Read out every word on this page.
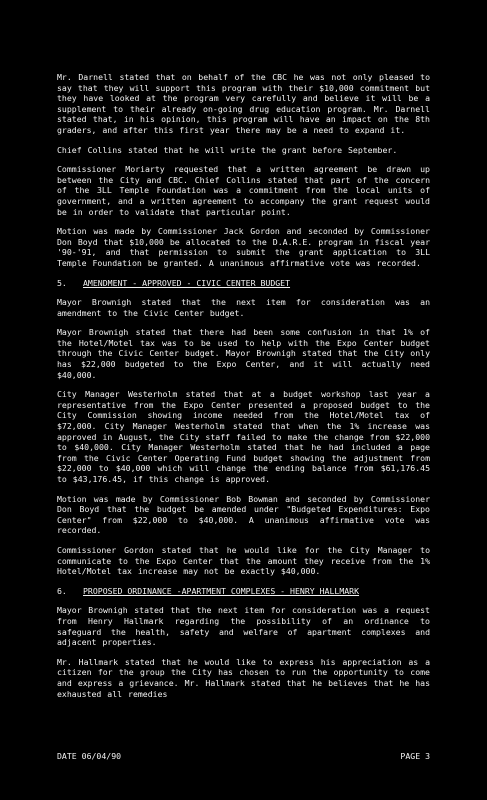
Mr. Darnell stated that on behalf of the CBC he was not only pleased to say that they will support this program with their $10,000 commitment but they have looked at the program very carefully and believe it will be a supplement to their already on-going drug education program. Mr. Darnell stated that, in his opinion, this program will have an impact on the 8th graders, and after this first year there may be a need to expand it.

Chief Collins stated that he will write the grant before September.

Commissioner Moriarty requested that a written agreement be drawn up between the City and CBC. Chief Collins stated that part of the concern of the 3LL Temple Foundation was a commitment from the local units of government, and a written agreement to accompany the grant request would be in order to validate that particular point.

Motion was made by Commissioner Jack Gordon and seconded by Commissioner Don Boyd that $10,000 be allocated to the D.A.R.E. program in fiscal year '90-'91, and that permission to submit the grant application to 3LL Temple Foundation be granted. A unanimous affirmative vote was recorded.

5.	AMENDMENT - APPROVED - CIVIC CENTER BUDGET

Mayor Brownigh stated that the next item for consideration was an amendment to the Civic Center budget.

Mayor Brownigh stated that there had been some confusion in that 1% of the Hotel/Motel tax was to be used to help with the Expo Center budget through the Civic Center budget. Mayor Brownigh stated that the City only has $22,000 budgeted to the Expo Center, and it will actually need $40,000.

City Manager Westerholm stated that at a budget workshop last year a representative from the Expo Center presented a proposed budget to the City Commission showing income needed from the Hotel/Motel tax of $72,000. City Manager Westerholm stated that when the 1% increase was approved in August, the City staff failed to make the change from $22,000 to $40,000. City Manager Westerholm stated that he had included a page from the Civic Center Operating Fund budget showing the adjustment from $22,000 to $40,000 which will change the ending balance from $61,176.45 to $43,176.45, if this change is approved.

Motion was made by Commissioner Bob Bowman and seconded by Commissioner Don Boyd that the budget be amended under "Budgeted Expenditures: Expo Center" from $22,000 to $40,000. A unanimous affirmative vote was recorded.

Commissioner Gordon stated that he would like for the City Manager to communicate to the Expo Center that the amount they receive from the 1% Hotel/Motel tax increase may not be exactly $40,000.

6.	PROPOSED ORDINANCE -APARTMENT COMPLEXES - HENRY HALLMARK

Mayor Brownigh stated that the next item for consideration was a request from Henry Hallmark regarding the possibility of an ordinance to safeguard the health, safety and welfare of apartment complexes and adjacent properties.

Mr. Hallmark stated that he would like to express his appreciation as a citizen for the group the City has chosen to run the opportunity to come and express a grievance. Mr. Hallmark stated that he believes that he has exhausted all remedies

DATE 06/04/90	PAGE 3
